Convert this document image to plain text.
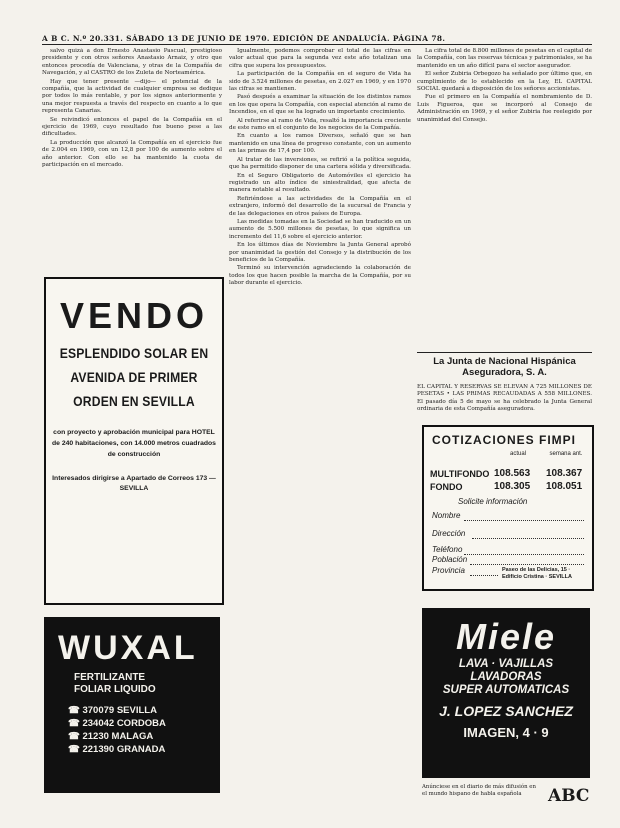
A B C. N.º 20.331. SÁBADO 13 DE JUNIO DE 1970. EDICIÓN DE ANDALUCÍA. PÁGINA 78.

salvo quizá a don Ernesto Anastasio Pascual, prestigioso presidente y con otros señores Anastasio Arnaiz, y otro que entonces procedía de Valenciana, y otras de la Compañía de Navegación, y al CASTRO de los Zuleta de Norteamérica.

Hay que tener presente —dijo— el potencial de la compañía, que la actividad de cualquier empresa se dedique por todos lo más rentable, y por los signos anteriormente y una mejor respuesta a través del respecto en cuanto a lo que representa Canarias.

Se reivindicó entonces el papel de la Compañía en el ejercicio de 1969, cuyo resultado fue bueno pese a las dificultades.

La producción que alcanzó la Compañía en el ejercicio fue de 2.004 en 1969, con un 12,8 por 100 de aumento sobre el año anterior. Con ello se ha mantenido la cuota de participación en el mercado.

VENDO
ESPLENDIDO SOLAR EN
AVENIDA DE PRIMER
ORDEN EN SEVILLA
con proyecto y aprobación municipal para HOTEL de 240 habitaciones, con 14.000 metros cuadrados de construcción
Interesados dirigirse a Apartado de Correos 173 — SEVILLA
WUXAL
FERTILIZANTE
FOLIAR LIQUIDO
☎ 370079 SEVILLA
☎ 234042 CORDOBA
☎ 21230 MALAGA
☎ 221390 GRANADA

Igualmente, podemos comprobar el total de las cifras en valor actual que para la segunda vez este año totalizan una cifra que supera los presupuestos.

La participación de la Compañía en el seguro de Vida ha sido de 3.524 millones de pesetas, en 2.027 en 1969, y en 1970 las cifras se mantienen.

Pasó después a examinar la situación de los distintos ramos en los que opera la Compañía, con especial atención al ramo de Incendios, en el que se ha logrado un importante crecimiento.

Al referirse al ramo de Vida, resaltó la importancia creciente de este ramo en el conjunto de los negocios de la Compañía.

En cuanto a los ramos Diversos, señaló que se han mantenido en una línea de progreso constante, con un aumento en las primas de 17,4 por 100.

Al tratar de las inversiones, se refirió a la política seguida, que ha permitido disponer de una cartera sólida y diversificada.

En el Seguro Obligatorio de Automóviles el ejercicio ha registrado un alto índice de siniestralidad, que afecta de manera notable al resultado.

Refiriéndose a las actividades de la Compañía en el extranjero, informó del desarrollo de la sucursal de Francia y de las delegaciones en otros países de Europa.

Las medidas tomadas en la Sociedad se han traducido en un aumento de 5.500 millones de pesetas, lo que significa un incremento del 11,6 sobre el ejercicio anterior.

En los últimos días de Noviembre la Junta General aprobó por unanimidad la gestión del Consejo y la distribución de los beneficios de la Compañía.

Terminó su intervención agradeciendo la colaboración de todos los que hacen posible la marcha de la Compañía, por su labor durante el ejercicio.

La cifra total de 8.800 millones de pesetas en el capital de la Compañía, con las reservas técnicas y patrimoniales, se ha mantenido en un año difícil para el sector asegurador.

El señor Zubiria Orbegozo ha señalado por último que, en cumplimiento de lo establecido en la Ley, EL CAPITAL SOCIAL quedará a disposición de los señores accionistas.

Fue el primero en la Compañía el nombramiento de D. Luis Figueroa, que se incorporó al Consejo de Administración en 1969, y el señor Zubiria fue reelegido por unanimidad del Consejo.

La Junta de Nacional Hispánica
Aseguradora, S. A.
EL CAPITAL Y RESERVAS SE ELEVAN A 725 MILLONES DE PESETAS • LAS PRIMAS RECAUDADAS A 558 MILLONES. El pasado día 5 de mayo se ha celebrado la Junta General ordinaria de esta Compañía aseguradora.
COTIZACIONES FIMPI
actual	semana ant.
MULTIFONDO 108.563 108.367
FONDO	108.305 108.051
Solicite información
Nombre
Dirección
Teléfono
Población
Provincia	Paseo de las Delicias, 15 · Edificio Cristina · SEVILLA
Miele
LAVA · VAJILLAS
LAVADORAS
SUPER AUTOMATICAS
J. LOPEZ SANCHEZ
IMAGEN, 4 · 9
Anúnciese en el diario de más difusión en el mundo hispano de habla española	ABC
